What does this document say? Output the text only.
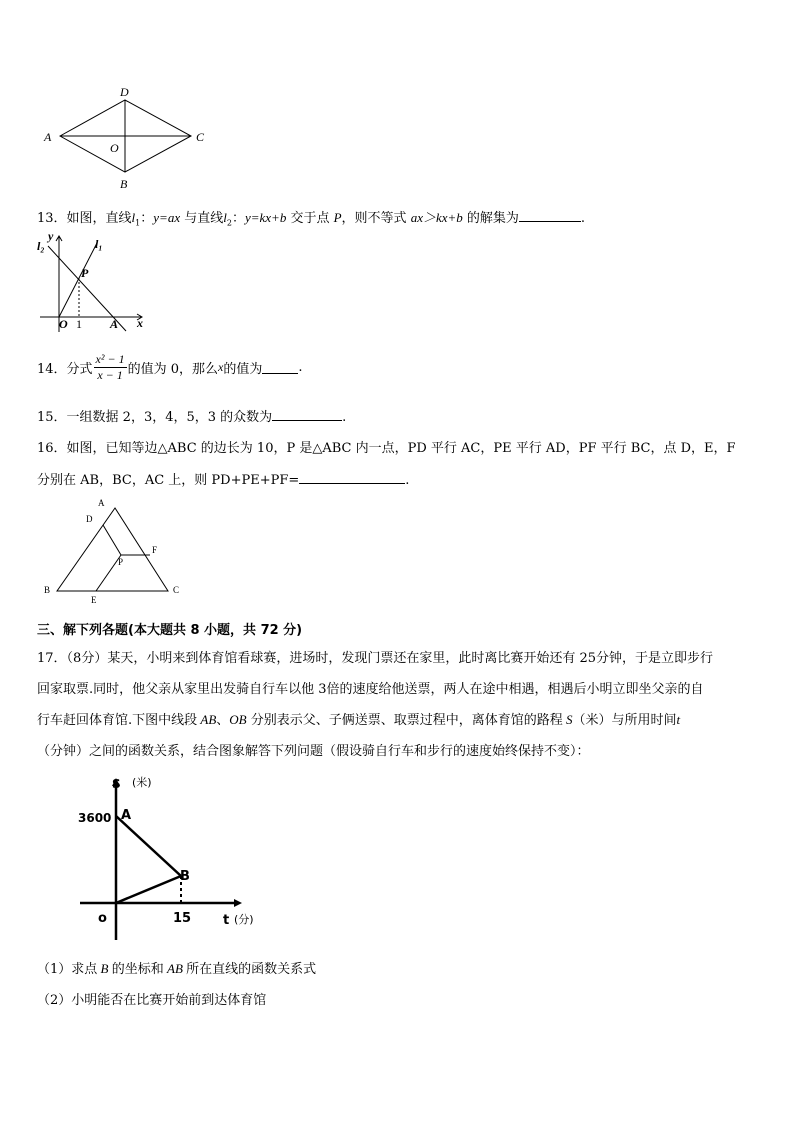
D
A	C
O
B
13．如图，直线$l_1$：y=ax 与直线$l_2$：y=kx+b 交于点 P，则不等式 ax＞kx+b 的解集为	.
y
l₂	l₁
P
O 1 A x
14．分式 $\frac{\text{x² − 1}}{x - 1}$ 的值为 0，那么 x 的值为	.
15．一组数据 2，3，4，5，3 的众数为	.
16．如图，已知等边△ABC 的边长为 10，P 是△ABC 内一点，PD 平行 AC，PE 平行 AD，PF 平行 BC，点 D，E，F
分别在 AB，BC，AC 上，则 PD+PE+PF=	.
A
D
F
P
B	C
E
三、解下列各题(本大题共 8 小题，共 72 分)
17．（8分）某天，小明来到体育馆看球赛，进场时，发现门票还在家里，此时离比赛开始还有 25分钟，于是立即步行
回家取票.同时，他父亲从家里出发骑自行车以他 3倍的速度给他送票，两人在途中相遇，相遇后小明立即坐父亲的自
行车赶回体育馆.下图中线段 AB、OB 分别表示父、子俩送票、取票过程中，离体育馆的路程 S（米）与所用时间t
（分钟）之间的函数关系，结合图象解答下列问题（假设骑自行车和步行的速度始终保持不变）：
S (米)
3600 A
B
o	15 t (分)
（1）求点 B 的坐标和 AB 所在直线的函数关系式
（2）小明能否在比赛开始前到达体育馆
